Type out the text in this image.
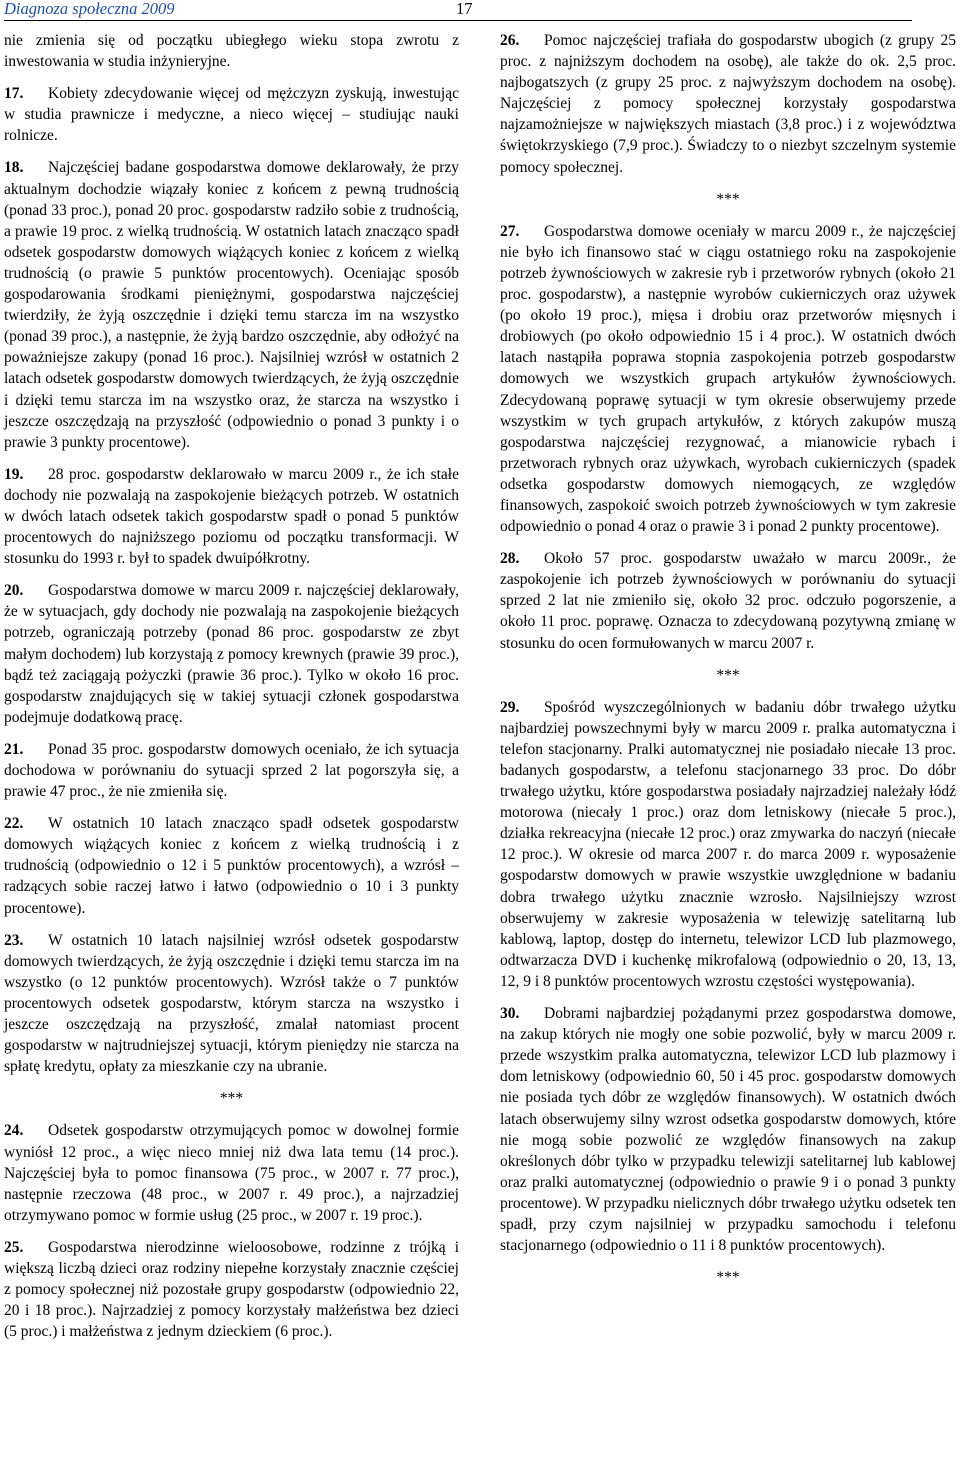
Diagnoza społeczna 2009	17

nie zmienia się od początku ubiegłego wieku stopa zwrotu z inwestowania w studia inżynieryjne.

17. Kobiety zdecydowanie więcej od mężczyzn zyskują, inwestując w studia prawnicze i medyczne, a nieco więcej – studiując nauki rolnicze.

18. Najczęściej badane gospodarstwa domowe deklarowały, że przy aktualnym dochodzie wiązały koniec z końcem z pewną trudnością (ponad 33 proc.), ponad 20 proc. gospodarstw radziło sobie z trudnością, a prawie 19 proc. z wielką trudnością. W ostatnich latach znacząco spadł odsetek gospodarstw domowych wiążących koniec z końcem z wielką trudnością (o prawie 5 punktów procentowych). Oceniając sposób gospodarowania środkami pieniężnymi, gospodarstwa najczęściej twierdziły, że żyją oszczędnie i dzięki temu starcza im na wszystko (ponad 39 proc.), a następnie, że żyją bardzo oszczędnie, aby odłożyć na poważniejsze zakupy (ponad 16 proc.). Najsilniej wzrósł w ostatnich 2 latach odsetek gospodarstw domowych twierdzących, że żyją oszczędnie i dzięki temu starcza im na wszystko oraz, że starcza na wszystko i jeszcze oszczędzają na przyszłość (odpowiednio o ponad 3 punkty i o prawie 3 punkty procentowe).

19. 28 proc. gospodarstw deklarowało w marcu 2009 r., że ich stałe dochody nie pozwalają na zaspokojenie bieżących potrzeb. W ostatnich w dwóch latach odsetek takich gospodarstw spadł o ponad 5 punktów procentowych do najniższego poziomu od początku transformacji. W stosunku do 1993 r. był to spadek dwuipółkrotny.

20. Gospodarstwa domowe w marcu 2009 r. najczęściej deklarowały, że w sytuacjach, gdy dochody nie pozwalają na zaspokojenie bieżących potrzeb, ograniczają potrzeby (ponad 86 proc. gospodarstw ze zbyt małym dochodem) lub korzystają z pomocy krewnych (prawie 39 proc.), bądź też zaciągają pożyczki (prawie 36 proc.). Tylko w około 16 proc. gospodarstw znajdujących się w takiej sytuacji członek gospodarstwa podejmuje dodatkową pracę.

21. Ponad 35 proc. gospodarstw domowych oceniało, że ich sytuacja dochodowa w porównaniu do sytuacji sprzed 2 lat pogorszyła się, a prawie 47 proc., że nie zmieniła się.

22. W ostatnich 10 latach znacząco spadł odsetek gospodarstw domowych wiążących koniec z końcem z wielką trudnością i z trudnością (odpowiednio o 12 i 5 punktów procentowych), a wzrósł – radzących sobie raczej łatwo i łatwo (odpowiednio o 10 i 3 punkty procentowe).

23. W ostatnich 10 latach najsilniej wzrósł odsetek gospodarstw domowych twierdzących, że żyją oszczędnie i dzięki temu starcza im na wszystko (o 12 punktów procentowych). Wzrósł także o 7 punktów procentowych odsetek gospodarstw, którym starcza na wszystko i jeszcze oszczędzają na przyszłość, zmalał natomiast procent gospodarstw w najtrudniejszej sytuacji, którym pieniędzy nie starcza na spłatę kredytu, opłaty za mieszkanie czy na ubranie.

***

24. Odsetek gospodarstw otrzymujących pomoc w dowolnej formie wyniósł 12 proc., a więc nieco mniej niż dwa lata temu (14 proc.). Najczęściej była to pomoc finansowa (75 proc., w 2007 r. 77 proc.), następnie rzeczowa (48 proc., w 2007 r. 49 proc.), a najrzadziej otrzymywano pomoc w formie usług (25 proc., w 2007 r. 19 proc.).

25. Gospodarstwa nierodzinne wieloosobowe, rodzinne z trójką i większą liczbą dzieci oraz rodziny niepełne korzystały znacznie częściej z pomocy społecznej niż pozostałe grupy gospodarstw (odpowiednio 22, 20 i 18 proc.). Najrzadziej z pomocy korzystały małżeństwa bez dzieci (5 proc.) i małżeństwa z jednym dzieckiem (6 proc.).

26. Pomoc najczęściej trafiała do gospodarstw ubogich (z grupy 25 proc. z najniższym dochodem na osobę), ale także do ok. 2,5 proc. najbogatszych (z grupy 25 proc. z najwyższym dochodem na osobę). Najczęściej z pomocy społecznej korzystały gospodarstwa najzamożniejsze w największych miastach (3,8 proc.) i z województwa świętokrzyskiego (7,9 proc.). Świadczy to o niezbyt szczelnym systemie pomocy społecznej.

***

27. Gospodarstwa domowe oceniały w marcu 2009 r., że najczęściej nie było ich finansowo stać w ciągu ostatniego roku na zaspokojenie potrzeb żywnościowych w zakresie ryb i przetworów rybnych (około 21 proc. gospodarstw), a następnie wyrobów cukierniczych oraz używek (po około 19 proc.), mięsa i drobiu oraz przetworów mięsnych i drobiowych (po około odpowiednio 15 i 4 proc.). W ostatnich dwóch latach nastąpiła poprawa stopnia zaspokojenia potrzeb gospodarstw domowych we wszystkich grupach artykułów żywnościowych. Zdecydowaną poprawę sytuacji w tym okresie obserwujemy przede wszystkim w tych grupach artykułów, z których zakupów muszą gospodarstwa najczęściej rezygnować, a mianowicie rybach i przetworach rybnych oraz używkach, wyrobach cukierniczych (spadek odsetka gospodarstw domowych niemogących, ze względów finansowych, zaspokoić swoich potrzeb żywnościowych w tym zakresie odpowiednio o ponad 4 oraz o prawie 3 i ponad 2 punkty procentowe).

28. Około 57 proc. gospodarstw uważało w marcu 2009r., że zaspokojenie ich potrzeb żywnościowych w porównaniu do sytuacji sprzed 2 lat nie zmieniło się, około 32 proc. odczuło pogorszenie, a około 11 proc. poprawę. Oznacza to zdecydowaną pozytywną zmianę w stosunku do ocen formułowanych w marcu 2007 r.

***

29. Spośród wyszczególnionych w badaniu dóbr trwałego użytku najbardziej powszechnymi były w marcu 2009 r. pralka automatyczna i telefon stacjonarny. Pralki automatycznej nie posiadało niecałe 13 proc. badanych gospodarstw, a telefonu stacjonarnego 33 proc. Do dóbr trwałego użytku, które gospodarstwa posiadały najrzadziej należały łódź motorowa (niecały 1 proc.) oraz dom letniskowy (niecałe 5 proc.), działka rekreacyjna (niecałe 12 proc.) oraz zmywarka do naczyń (niecałe 12 proc.). W okresie od marca 2007 r. do marca 2009 r. wyposażenie gospodarstw domowych w prawie wszystkie uwzględnione w badaniu dobra trwałego użytku znacznie wzrosło. Najsilniejszy wzrost obserwujemy w zakresie wyposażenia w telewizję satelitarną lub kablową, laptop, dostęp do internetu, telewizor LCD lub plazmowego, odtwarzacza DVD i kuchenkę mikrofalową (odpowiednio o 20, 13, 13, 12, 9 i 8 punktów procentowych wzrostu częstości występowania).

30. Dobrami najbardziej pożądanymi przez gospodarstwa domowe, na zakup których nie mogły one sobie pozwolić, były w marcu 2009 r. przede wszystkim pralka automatyczna, telewizor LCD lub plazmowy i dom letniskowy (odpowiednio 60, 50 i 45 proc. gospodarstw domowych nie posiada tych dóbr ze względów finansowych). W ostatnich dwóch latach obserwujemy silny wzrost odsetka gospodarstw domowych, które nie mogą sobie pozwolić ze względów finansowych na zakup określonych dóbr tylko w przypadku telewizji satelitarnej lub kablowej oraz pralki automatycznej (odpowiednio o prawie 9 i o ponad 3 punkty procentowe). W przypadku nielicznych dóbr trwałego użytku odsetek ten spadł, przy czym najsilniej w przypadku samochodu i telefonu stacjonarnego (odpowiednio o 11 i 8 punktów procentowych).

***
